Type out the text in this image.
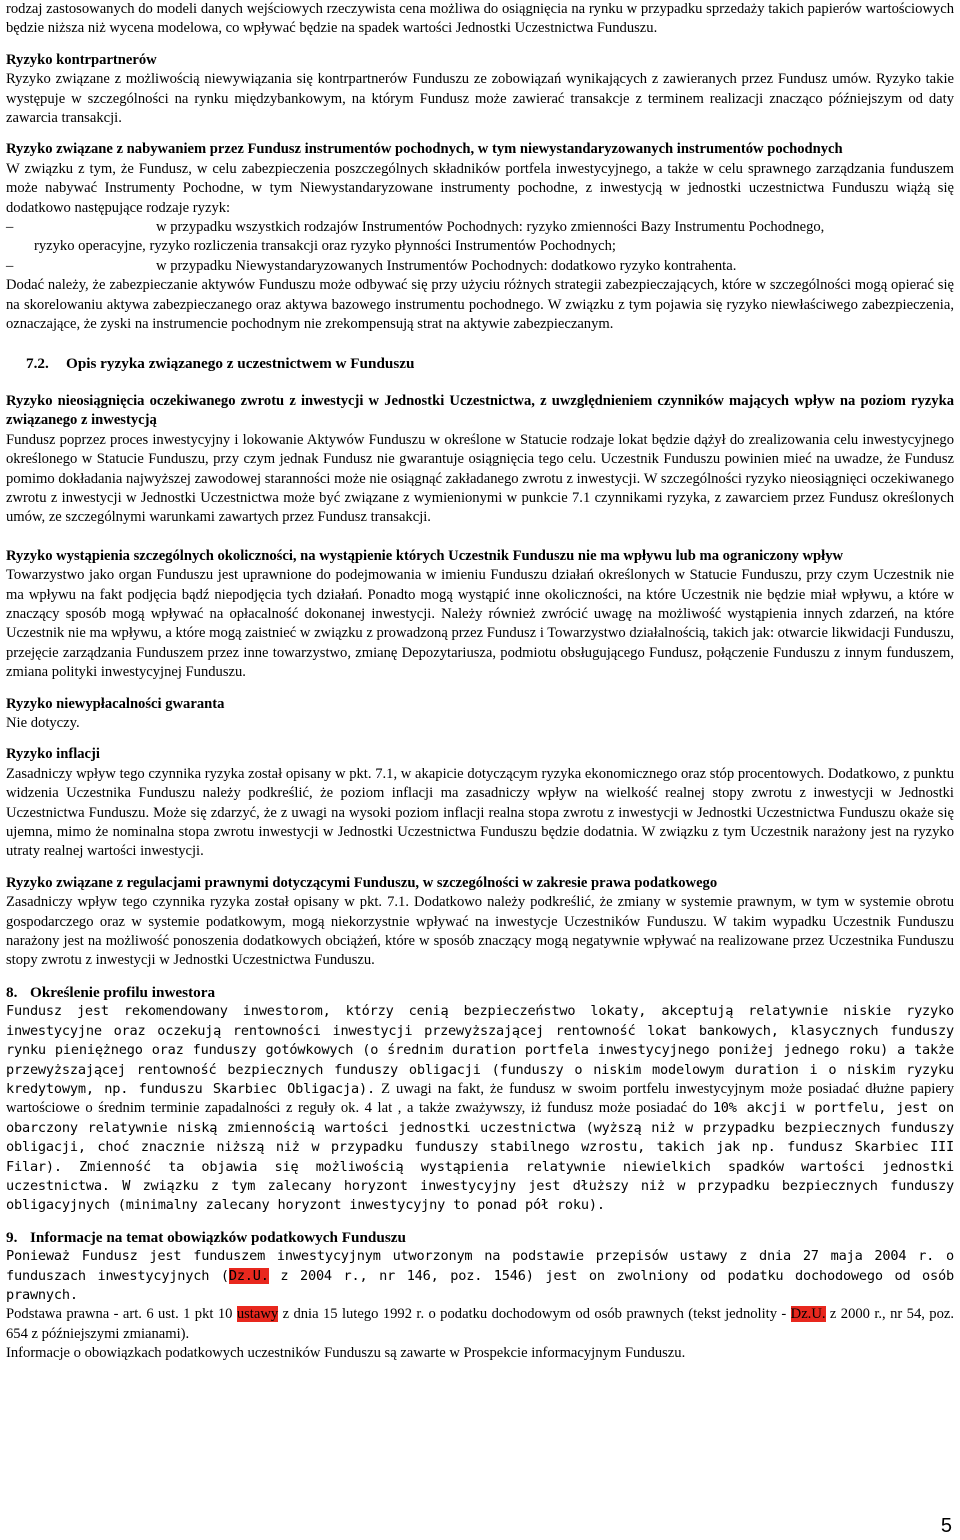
rodzaj zastosowanych do modeli danych wejściowych rzeczywista cena możliwa do osiągnięcia na rynku w przypadku sprzedaży takich papierów wartościowych będzie niższa niż wycena modelowa, co wpływać będzie na spadek wartości Jednostki Uczestnictwa Funduszu.

Ryzyko kontrpartnerów

Ryzyko związane z możliwością niewywiązania się kontrpartnerów Funduszu ze zobowiązań wynikających z zawieranych przez Fundusz umów. Ryzyko takie występuje w szczególności na rynku międzybankowym, na którym Fundusz może zawierać transakcje z terminem realizacji znacząco późniejszym od daty zawarcia transakcji.

Ryzyko związane z nabywaniem przez Fundusz instrumentów pochodnych, w tym niewystandaryzowanych instrumentów pochodnych

W związku z tym, że Fundusz, w celu zabezpieczenia poszczególnych składników portfela inwestycyjnego, a także w celu sprawnego zarządzania funduszem może nabywać Instrumenty Pochodne, w tym Niewystandaryzowane instrumenty pochodne, z inwestycją w jednostki uczestnictwa Funduszu wiążą się dodatkowo następujące rodzaje ryzyk:

–	w przypadku wszystkich rodzajów Instrumentów Pochodnych: ryzyko zmienności Bazy Instrumentu Pochodnego,

ryzyko operacyjne, ryzyko rozliczenia transakcji oraz ryzyko płynności Instrumentów Pochodnych;

–	w przypadku Niewystandaryzowanych Instrumentów Pochodnych: dodatkowo ryzyko kontrahenta.

Dodać należy, że zabezpieczanie aktywów Funduszu może odbywać się przy użyciu różnych strategii zabezpieczających, które w szczególności mogą opierać się na skorelowaniu aktywa zabezpieczanego oraz aktywa bazowego instrumentu pochodnego. W związku z tym pojawia się ryzyko niewłaściwego zabezpieczenia, oznaczające, że zyski na instrumencie pochodnym nie zrekompensują strat na aktywie zabezpieczanym.

7.2. Opis ryzyka związanego z uczestnictwem w Funduszu

Ryzyko nieosiągnięcia oczekiwanego zwrotu z inwestycji w Jednostki Uczestnictwa, z uwzględnieniem czynników mających wpływ na poziom ryzyka związanego z inwestycją

Fundusz poprzez proces inwestycyjny i lokowanie Aktywów Funduszu w określone w Statucie rodzaje lokat będzie dążył do zrealizowania celu inwestycyjnego określonego w Statucie Funduszu, przy czym jednak Fundusz nie gwarantuje osiągnięcia tego celu. Uczestnik Funduszu powinien mieć na uwadze, że Fundusz pomimo dokładania najwyższej zawodowej staranności może nie osiągnąć zakładanego zwrotu z inwestycji. W szczególności ryzyko nieosiągnięci oczekiwanego zwrotu z inwestycji w Jednostki Uczestnictwa może być związane z wymienionymi w punkcie 7.1 czynnikami ryzyka, z zawarciem przez Fundusz określonych umów, ze szczególnymi warunkami zawartych przez Fundusz transakcji.

Ryzyko wystąpienia szczególnych okoliczności, na wystąpienie których Uczestnik Funduszu nie ma wpływu lub ma ograniczony wpływ

Towarzystwo jako organ Funduszu jest uprawnione do podejmowania w imieniu Funduszu działań określonych w Statucie Funduszu, przy czym Uczestnik nie ma wpływu na fakt podjęcia bądź niepodjęcia tych działań. Ponadto mogą wystąpić inne okoliczności, na które Uczestnik nie będzie miał wpływu, a które w znaczący sposób mogą wpływać na opłacalność dokonanej inwestycji. Należy również zwrócić uwagę na możliwość wystąpienia innych zdarzeń, na które Uczestnik nie ma wpływu, a które mogą zaistnieć w związku z prowadzoną przez Fundusz i Towarzystwo działalnością, takich jak: otwarcie likwidacji Funduszu, przejęcie zarządzania Funduszem przez inne towarzystwo, zmianę Depozytariusza, podmiotu obsługującego Fundusz, połączenie Funduszu z innym funduszem, zmiana polityki inwestycyjnej Funduszu.

Ryzyko niewypłacalności gwaranta

Nie dotyczy.

Ryzyko inflacji

Zasadniczy wpływ tego czynnika ryzyka został opisany w pkt. 7.1, w akapicie dotyczącym ryzyka ekonomicznego oraz stóp procentowych. Dodatkowo, z punktu widzenia Uczestnika Funduszu należy podkreślić, że poziom inflacji ma zasadniczy wpływ na wielkość realnej stopy zwrotu z inwestycji w Jednostki Uczestnictwa Funduszu. Może się zdarzyć, że z uwagi na wysoki poziom inflacji realna stopa zwrotu z inwestycji w Jednostki Uczestnictwa Funduszu okaże się ujemna, mimo że nominalna stopa zwrotu inwestycji w Jednostki Uczestnictwa Funduszu będzie dodatnia. W związku z tym Uczestnik narażony jest na ryzyko utraty realnej wartości inwestycji.

Ryzyko związane z regulacjami prawnymi dotyczącymi Funduszu, w szczególności w zakresie prawa podatkowego

Zasadniczy wpływ tego czynnika ryzyka został opisany w pkt. 7.1. Dodatkowo należy podkreślić, że zmiany w systemie prawnym, w tym w systemie obrotu gospodarczego oraz w systemie podatkowym, mogą niekorzystnie wpływać na inwestycje Uczestników Funduszu. W takim wypadku Uczestnik Funduszu narażony jest na możliwość ponoszenia dodatkowych obciążeń, które w sposób znaczący mogą negatywnie wpływać na realizowane przez Uczestnika Funduszu stopy zwrotu z inwestycji w Jednostki Uczestnictwa Funduszu.

8. Określenie profilu inwestora

Fundusz jest rekomendowany inwestorom, którzy cenią bezpieczeństwo lokaty, akceptują relatywnie niskie ryzyko inwestycyjne oraz oczekują rentowności inwestycji przewyższającej rentowność lokat bankowych, klasycznych funduszy rynku pieniężnego oraz funduszy gotówkowych (o średnim duration portfela inwestycyjnego poniżej jednego roku) a także przewyższającej rentowność bezpiecznych funduszy obligacji (funduszy o niskim modelowym duration i o niskim ryzyku kredytowym, np. funduszu Skarbiec Obligacja). Z uwagi na fakt, że fundusz w swoim portfelu inwestycyjnym może posiadać dłużne papiery wartościowe o średnim terminie zapadalności z reguły ok. 4 lat , a także zważywszy, iż fundusz może posiadać do 10% akcji w portfelu, jest on obarczony relatywnie niską zmiennością wartości jednostki uczestnictwa (wyższą niż w przypadku bezpiecznych funduszy obligacji, choć znacznie niższą niż w przypadku funduszy stabilnego wzrostu, takich jak np. fundusz Skarbiec III Filar). Zmienność ta objawia się możliwością wystąpienia relatywnie niewielkich spadków wartości jednostki uczestnictwa. W związku z tym zalecany horyzont inwestycyjny jest dłuższy niż w przypadku bezpiecznych funduszy obligacyjnych (minimalny zalecany horyzont inwestycyjny to ponad pół roku).

9. Informacje na temat obowiązków podatkowych Funduszu

Ponieważ Fundusz jest funduszem inwestycyjnym utworzonym na podstawie przepisów ustawy z dnia 27 maja 2004 r. o funduszach inwestycyjnych (Dz.U. z 2004 r., nr 146, poz. 1546) jest on zwolniony od podatku dochodowego od osób prawnych.

Podstawa prawna - art. 6 ust. 1 pkt 10 ustawy z dnia 15 lutego 1992 r. o podatku dochodowym od osób prawnych (tekst jednolity - Dz.U. z 2000 r., nr 54, poz. 654 z późniejszymi zmianami).

Informacje o obowiązkach podatkowych uczestników Funduszu są zawarte w Prospekcie informacyjnym Funduszu.

5
